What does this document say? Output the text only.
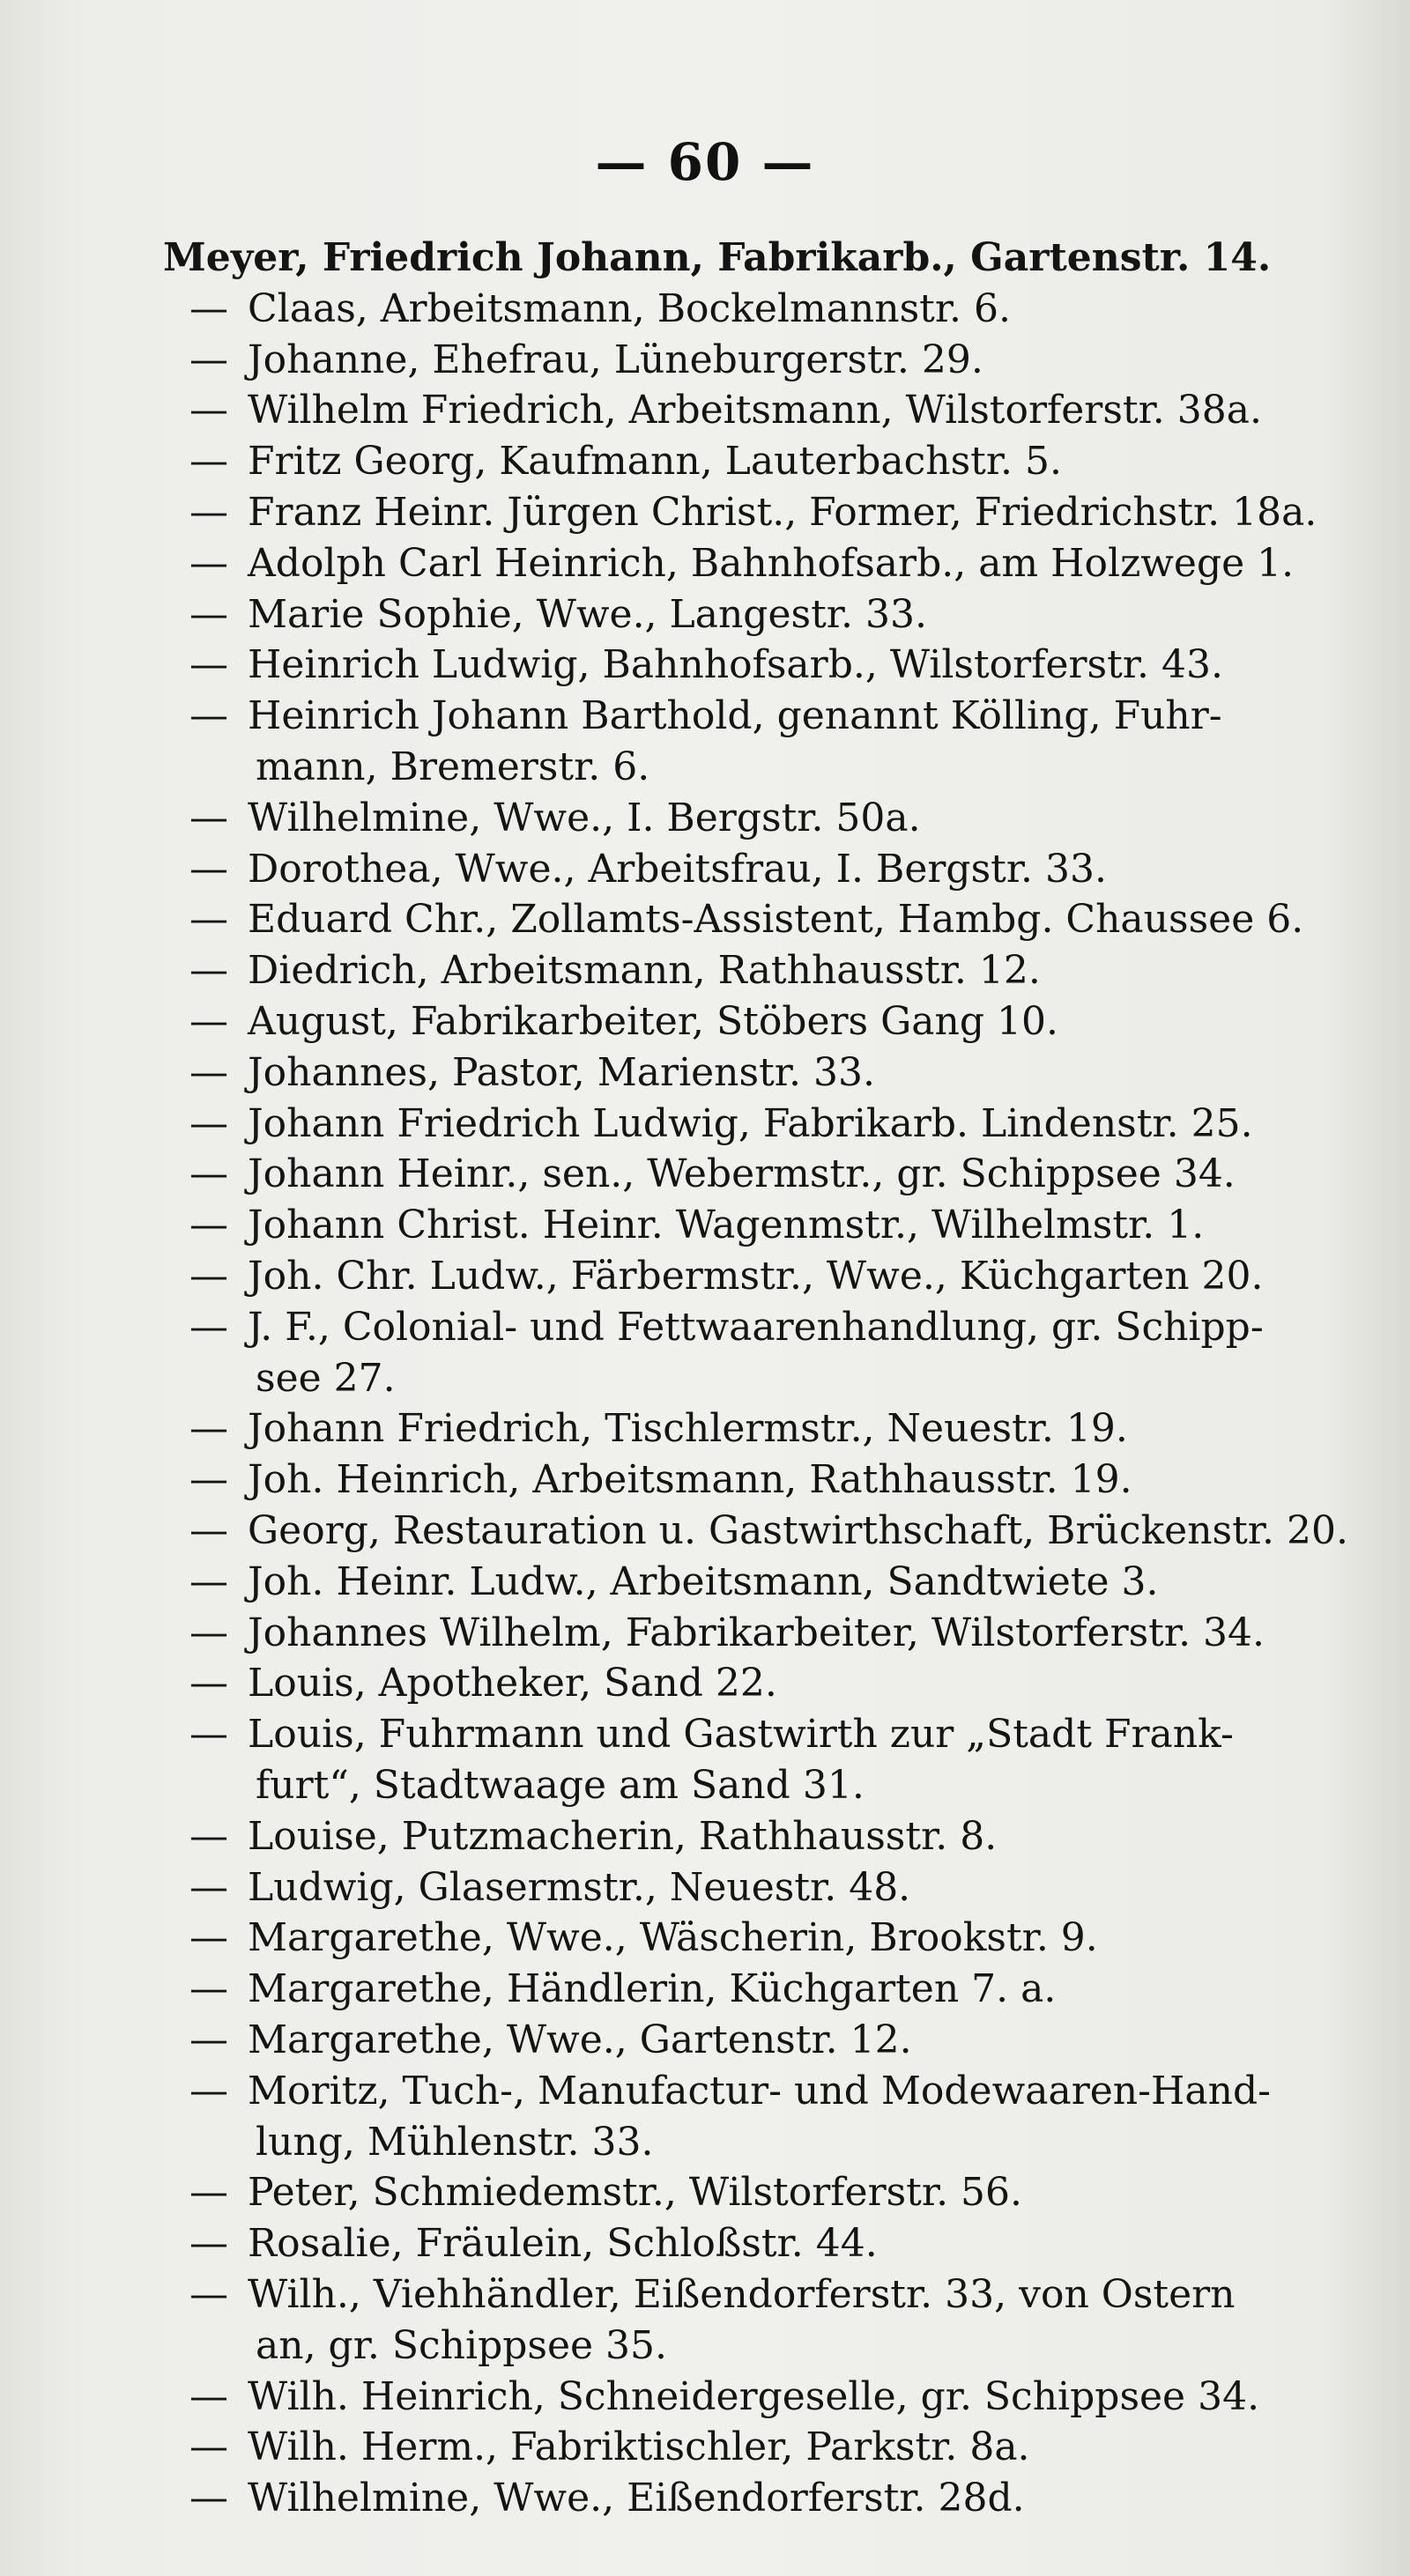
— 60 —
Meyer, Friedrich Johann, Fabrikarb., Gartenstr. 14.
— Claas, Arbeitsmann, Bockelmannstr. 6.
— Johanne, Ehefrau, Lüneburgerstr. 29.
— Wilhelm Friedrich, Arbeitsmann, Wilstorferstr. 38a.
— Fritz Georg, Kaufmann, Lauterbachstr. 5.
— Franz Heinr. Jürgen Christ., Former, Friedrichstr. 18a.
— Adolph Carl Heinrich, Bahnhofsarb., am Holzwege 1.
— Marie Sophie, Wwe., Langestr. 33.
— Heinrich Ludwig, Bahnhofsarb., Wilstorferstr. 43.
— Heinrich Johann Barthold, genannt Kölling, Fuhr-
mann, Bremerstr. 6.
— Wilhelmine, Wwe., I. Bergstr. 50a.
— Dorothea, Wwe., Arbeitsfrau, I. Bergstr. 33.
— Eduard Chr., Zollamts-Assistent, Hambg. Chaussee 6.
— Diedrich, Arbeitsmann, Rathhausstr. 12.
— August, Fabrikarbeiter, Stöbers Gang 10.
— Johannes, Pastor, Marienstr. 33.
— Johann Friedrich Ludwig, Fabrikarb. Lindenstr. 25.
— Johann Heinr., sen., Webermstr., gr. Schippsee 34.
— Johann Christ. Heinr. Wagenmstr., Wilhelmstr. 1.
— Joh. Chr. Ludw., Färbermstr., Wwe., Küchgarten 20.
— J. F., Colonial- und Fettwaarenhandlung, gr. Schipp-
see 27.
— Johann Friedrich, Tischlermstr., Neuestr. 19.
— Joh. Heinrich, Arbeitsmann, Rathhausstr. 19.
— Georg, Restauration u. Gastwirthschaft, Brückenstr. 20.
— Joh. Heinr. Ludw., Arbeitsmann, Sandtwiete 3.
— Johannes Wilhelm, Fabrikarbeiter, Wilstorferstr. 34.
— Louis, Apotheker, Sand 22.
— Louis, Fuhrmann und Gastwirth zur „Stadt Frank-
furt“, Stadtwaage am Sand 31.
— Louise, Putzmacherin, Rathhausstr. 8.
— Ludwig, Glasermstr., Neuestr. 48.
— Margarethe, Wwe., Wäscherin, Brookstr. 9.
— Margarethe, Händlerin, Küchgarten 7. a.
— Margarethe, Wwe., Gartenstr. 12.
— Moritz, Tuch-, Manufactur- und Modewaaren-Hand-
lung, Mühlenstr. 33.
— Peter, Schmiedemstr., Wilstorferstr. 56.
— Rosalie, Fräulein, Schloßstr. 44.
— Wilh., Viehhändler, Eißendorferstr. 33, von Ostern
an, gr. Schippsee 35.
— Wilh. Heinrich, Schneidergeselle, gr. Schippsee 34.
— Wilh. Herm., Fabriktischler, Parkstr. 8a.
— Wilhelmine, Wwe., Eißendorferstr. 28d.
